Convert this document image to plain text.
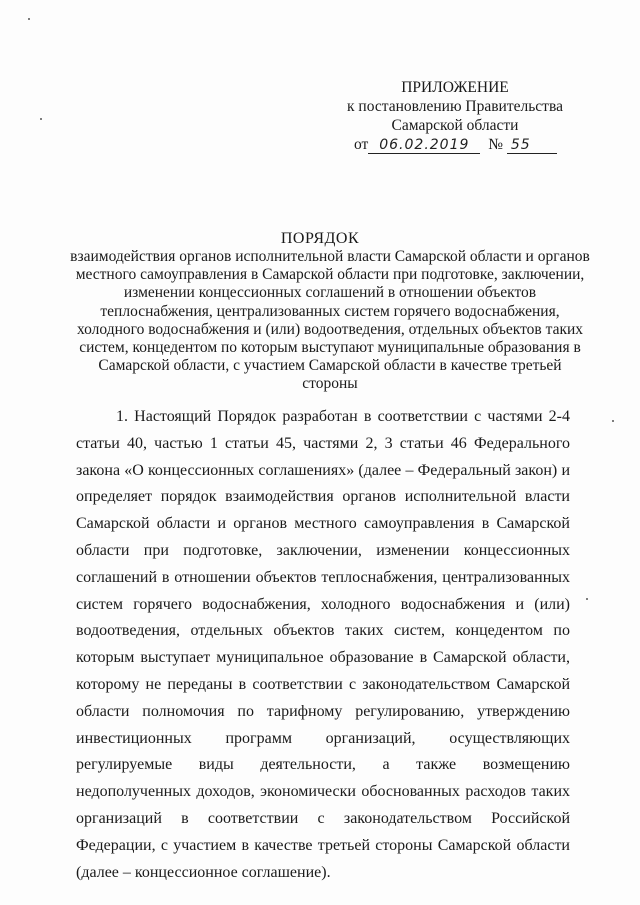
ПРИЛОЖЕНИЕ
к постановлению Правительства
Самарской области
от 06.02.2019 № 55
ПОРЯДОК
взаимодействия органов исполнительной власти Самарской области и органов местного самоуправления в Самарской области при подготовке, заключении, изменении концессионных соглашений в отношении объектов теплоснабжения, централизованных систем горячего водоснабжения, холодного водоснабжения и (или) водоотведения, отдельных объектов таких систем, концедентом по которым выступают муниципальные образования в Самарской области, с участием Самарской области в качестве третьей стороны
1. Настоящий Порядок разработан в соответствии с частями 2-4 статьи 40, частью 1 статьи 45, частями 2, 3 статьи 46 Федерального закона «О концессионных соглашениях» (далее – Федеральный закон) и определяет порядок взаимодействия органов исполнительной власти Самарской области и органов местного самоуправления в Самарской области при подготовке, заключении, изменении концессионных соглашений в отношении объектов теплоснабжения, централизованных систем горячего водоснабжения, холодного водоснабжения и (или) водоотведения, отдельных объектов таких систем, концедентом по которым выступает муниципальное образование в Самарской области, которому не переданы в соответствии с законодательством Самарской области полномочия по тарифному регулированию, утверждению инвестиционных программ организаций, осуществляющих регулируемые виды деятельности, а также возмещению недополученных доходов, экономически обоснованных расходов таких организаций в соответствии с законодательством Российской Федерации, с участием в качестве третьей стороны Самарской области (далее – концессионное соглашение).
